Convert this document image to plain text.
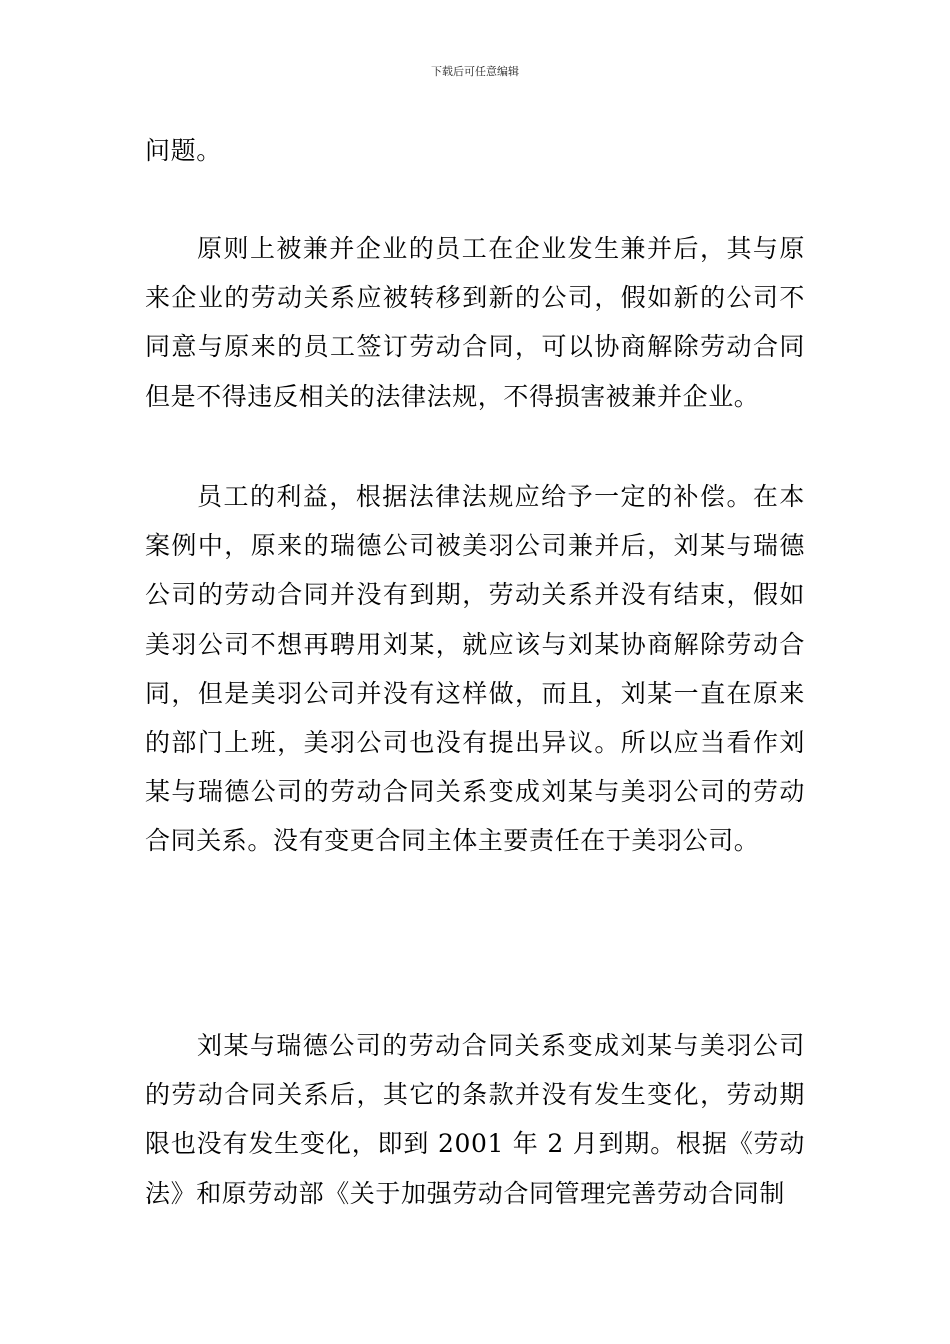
下载后可任意编辑

问题。

原则上被兼并企业的员工在企业发生兼并后，其与原来企业的劳动关系应被转移到新的公司，假如新的公司不同意与原来的员工签订劳动合同，可以协商解除劳动合同但是不得违反相关的法律法规，不得损害被兼并企业。

员工的利益，根据法律法规应给予一定的补偿。在本案例中，原来的瑞德公司被美羽公司兼并后，刘某与瑞德公司的劳动合同并没有到期，劳动关系并没有结束，假如美羽公司不想再聘用刘某，就应该与刘某协商解除劳动合同，但是美羽公司并没有这样做，而且，刘某一直在原来的部门上班，美羽公司也没有提出异议。所以应当看作刘某与瑞德公司的劳动合同关系变成刘某与美羽公司的劳动合同关系。没有变更合同主体主要责任在于美羽公司。

刘某与瑞德公司的劳动合同关系变成刘某与美羽公司的劳动合同关系后，其它的条款并没有发生变化，劳动期限也没有发生变化，即到 2001 年 2 月到期。根据《劳动法》和原劳动部《关于加强劳动合同管理完善劳动合同制
